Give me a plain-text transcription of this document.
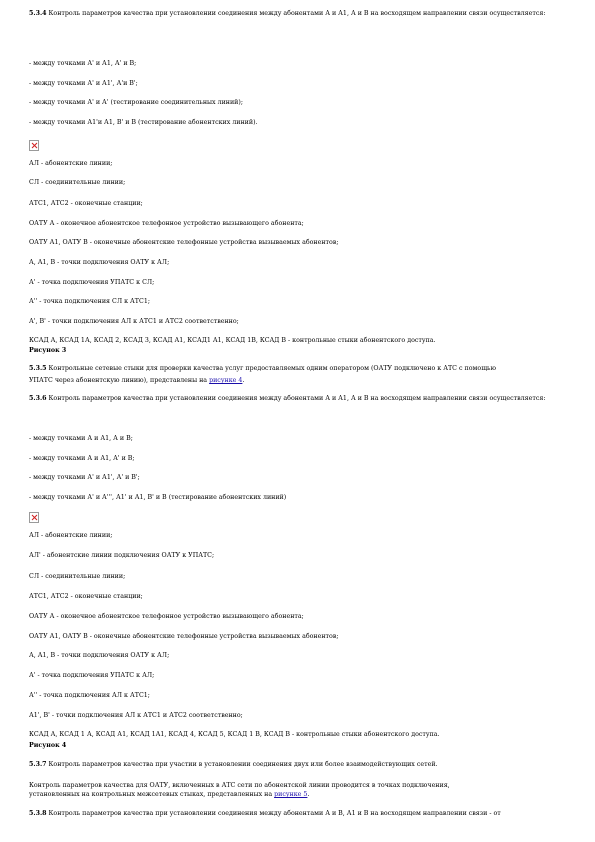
5.3.4 Контроль параметров качества при установлении соединения между абонентами А и А1, А и В на восходящем направлении связи осуществляется:

- между точками А' и А1, А' и В;

- между точками А' и А1', А'и В';

- между точками А' и А' (тестирование соединительных линий);

- между точками А1'и А1, В' и В (тестирование абонентских линий).

АЛ - абонентские линии;

СЛ - соединительные линии;

АТС1, АТС2 - оконечные станции;

ОАТУ А - оконечное абонентское телефонное устройство вызывающего абонента;

ОАТУ А1, ОАТУ В - оконечные абонентские телефонные устройства вызываемых абонентов;

А, А1, В - точки подключения ОАТУ к АЛ;

А' - точка подключения УПАТС к СЛ;

А'' - точка подключения СЛ к АТС1;

А', В' - точки подключения АЛ к АТС1 и АТС2 соответственно;

КСАД А, КСАД 1А, КСАД 2, КСАД 3, КСАД А1, КСАД1 А1, КСАД 1В, КСАД В - контрольные стыки абонентского доступа.

Рисунок 3

5.3.5 Контрольные сетевые стыки для проверки качества услуг предоставляемых одним оператором (ОАТУ подключено к АТС с помощью

УПАТС через абонентскую линию), представлены на рисунке 4.

5.3.6 Контроль параметров качества при установлении соединения между абонентами А и А1, А и В на восходящем направлении связи осуществляется:

- между точками А и А1, А и В;

- между точками А и А1, А' и В;

- между точками А' и А1', А' и В';

- между точками А' и А''', А1' и А1, В' и В (тестирование абонентских линий)

АЛ - абонентские линии;

АЛ' - абонентские линии подключения ОАТУ к УПАТС;

СЛ - соединительные линии;

АТС1, АТС2 - оконечные станции;

ОАТУ А - оконечное абонентское телефонное устройство вызывающего абонента;

ОАТУ А1, ОАТУ В - оконечные абонентские телефонные устройства вызываемых абонентов;

А, А1, В - точки подключения ОАТУ к АЛ;

А' - точка подключения УПАТС к АЛ;

А'' - точка подключения АЛ к АТС1;

А1', В' - точки подключения АЛ к АТС1 и АТС2 соответственно;

КСАД А, КСАД 1 А, КСАД А1, КСАД 1А1, КСАД 4, КСАД 5, КСАД 1 В, КСАД В - контрольные стыки абонентского доступа.

Рисунок 4

5.3.7 Контроль параметров качества при участии в установлении соединения двух или более взаимодействующих сетей.

Контроль параметров качества для ОАТУ, включенных в АТС сети по абонентской линии проводится в точках подключения,

установленных на контрольных межсетевых стыках, представленных на рисунке 5.

5.3.8 Контроль параметров качества при установлении соединения между абонентами А и В, А1 и В на восходящем направлении связи - от
